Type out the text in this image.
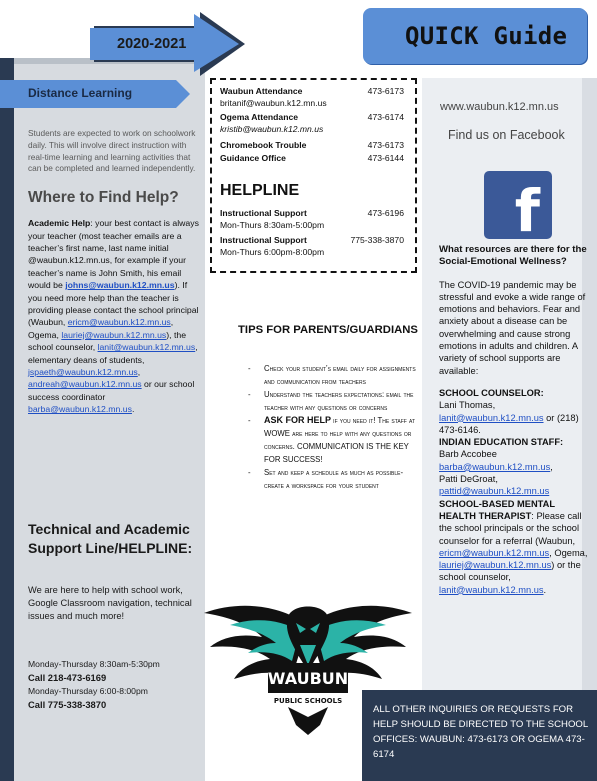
Distance Learning
Students are expected to work on schoolwork daily. This will involve direct instruction with real-time learning and learning activities that can be completed and learned independently.
Where to Find Help?
Academic Help: your best contact is always your teacher (most teacher emails are a teacher’s first name, last name initial @waubun.k12.mn.us, for example if your teacher’s name is John Smith, his email would be johns@waubun.k12.mn.us). If you need more help than the teacher is providing please contact the school principal (Waubun, ericm@waubun.k12.mn.us, Ogema, lauriej@waubun.k12.mn.us), the school counselor, lanit@waubun.k12.mn.us, elementary deans of students, jspaeth@waubun.k12.mn.us, andreah@waubun.k12.mn.us or our school success coordinator barba@waubun.k12.mn.us.
Technical and Academic Support Line/HELPLINE:
We are here to help with school work, Google Classroom navigation, technical issues and much more!
Monday-Thursday 8:30am-5:30pm
Call 218-473-6169
Monday-Thursday 6:00-8:00pm
Call 775-338-3870
2020-2021	QUICK Guide
www.waubun.k12.mn.us
Find us on Facebook
f

What resources are there for the Social-Emotional Wellness?

The COVID-19 pandemic may be stressful and evoke a wide range of emotions and behaviors. Fear and anxiety about a disease can be overwhelming and cause strong emotions in adults and children. A variety of school supports are available:

SCHOOL COUNSELOR:

Lani Thomas,

lanit@waubun.k12.mn.us or (218) 473-6146.

INDIAN EDUCATION STAFF:

Barb Accobee

barba@waubun.k12.mn.us,

Patti DeGroat,

pattid@waubun.k12.mn.us

SCHOOL-BASED MENTAL HEALTH THERAPIST: Please call the school principals or the school counselor for a referral (Waubun, ericm@waubun.k12.mn.us, Ogema, lauriej@waubun.k12.mn.us) or the school counselor, lanit@waubun.k12.mn.us.

ALL OTHER INQUIRIES OR REQUESTS FOR HELP SHOULD BE DIRECTED TO THE SCHOOL OFFICES: WAUBUN: 473-6173 OR OGEMA 473-6174
Waubun Attendance	473-6173
britanif@waubun.k12.mn.us
Ogema Attendance	473-6174
kristib@waubun.k12.mn.us
Chromebook Trouble	473-6173
Guidance Office	473-6144
HELPLINE
Instructional Support	473-6196
Mon-Thurs 8:30am-5:00pm
Instructional Support	775-338-3870
Mon-Thurs 6:00pm-8:00pm
TIPS FOR PARENTS/GUARDIANS
- Check your student’s email daily for assignments and communication from teachers
- Understand the teachers expectations: email the teacher with any questions or concerns
- ASK FOR HELP if you need it! The staff at WOWE are here to help with any questions or concerns. COMMUNICATION IS THE KEY FOR SUCCESS!
- Set and keep a schedule as much as possible- create a workspace for your student
WAUBUN
PUBLIC SCHOOLS
